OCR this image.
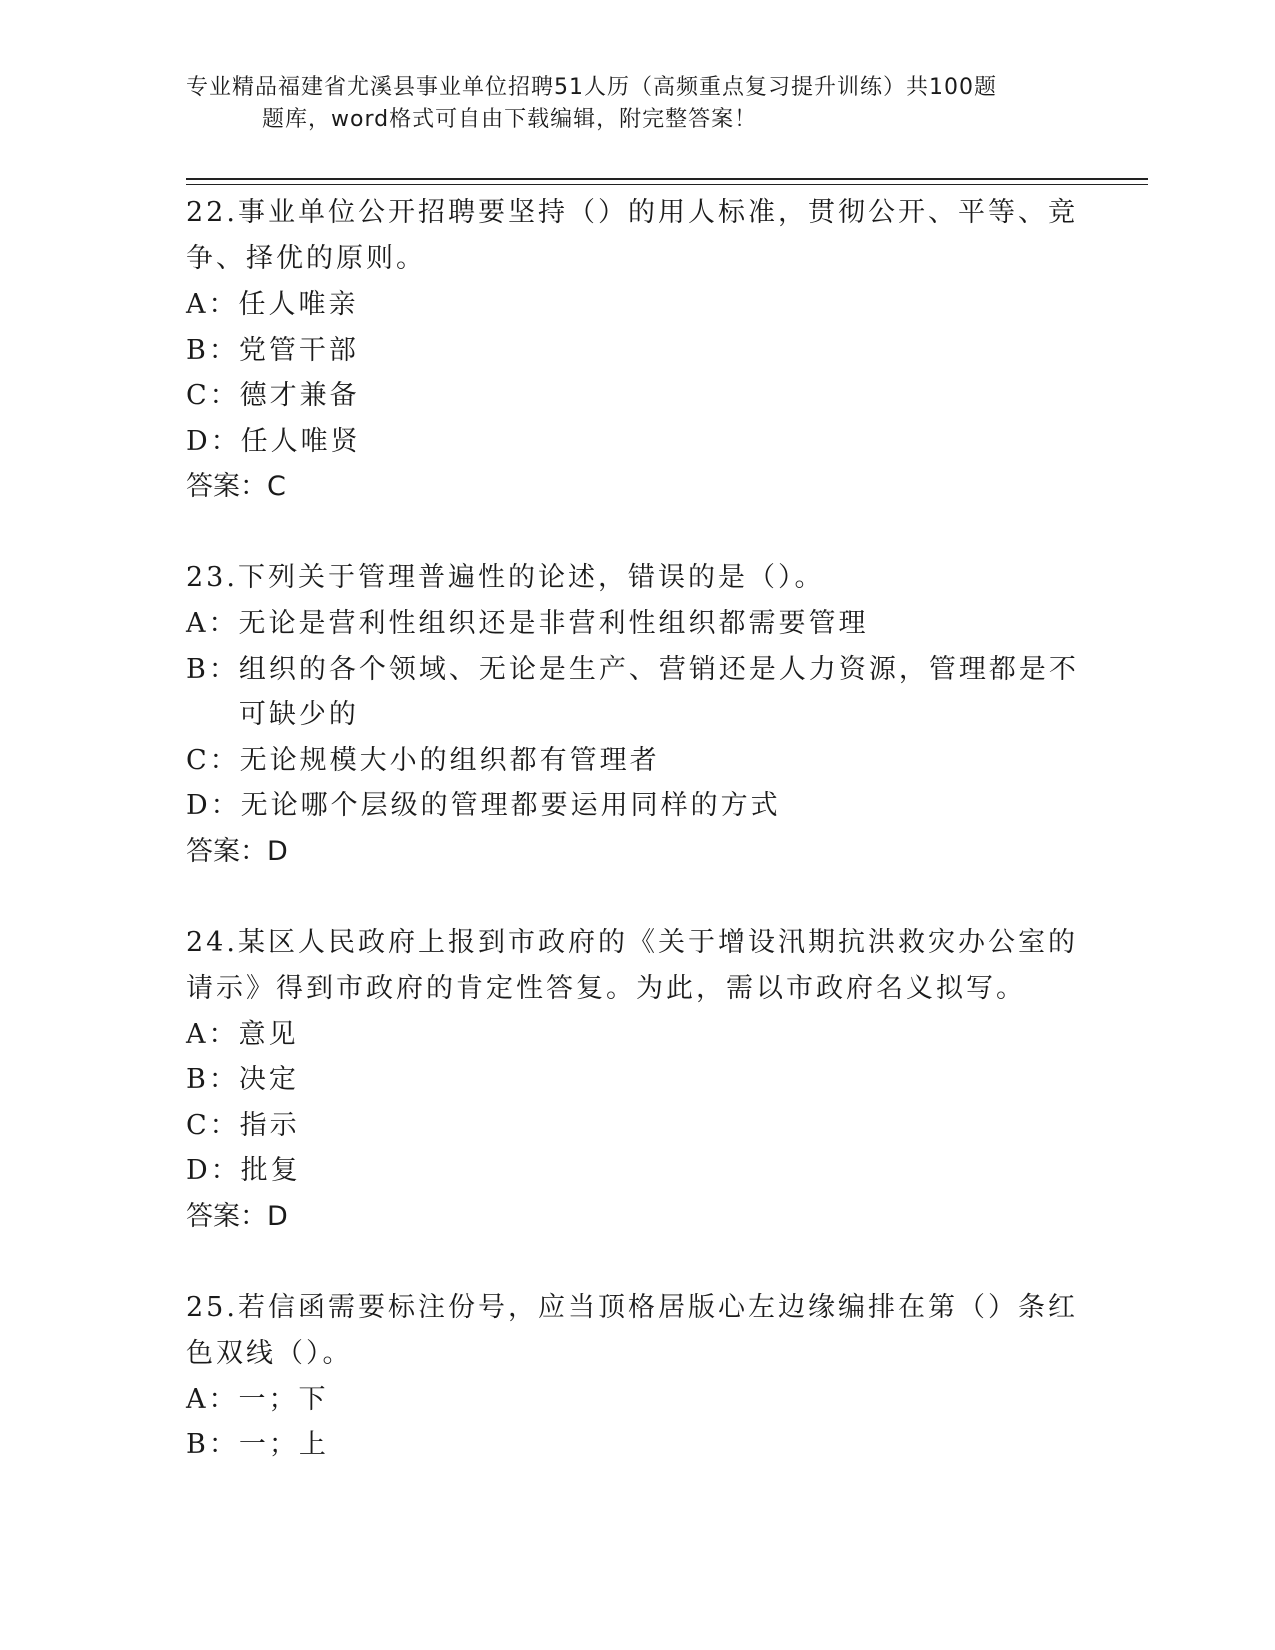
专业精品福建省尤溪县事业单位招聘51人历（高频重点复习提升训练）共100题
题库，word格式可自由下载编辑，附完整答案！

22.事业单位公开招聘要坚持（）的用人标准，贯彻公开、平等、竞争、择优的原则。

A： 任人唯亲

B： 党管干部

C： 德才兼备

D： 任人唯贤

答案：C

23.下列关于管理普遍性的论述，错误的是（）。

A： 无论是营利性组织还是非营利性组织都需要管理

B： 组织的各个领域、无论是生产、营销还是人力资源，管理都是不可缺少的

C： 无论规模大小的组织都有管理者

D： 无论哪个层级的管理都要运用同样的方式

答案：D

24.某区人民政府上报到市政府的《关于增设汛期抗洪救灾办公室的请示》得到市政府的肯定性答复。为此，需以市政府名义拟写。

A： 意见

B： 决定

C： 指示

D： 批复

答案：D

25.若信函需要标注份号，应当顶格居版心左边缘编排在第（）条红色双线（）。

A： 一；下

B： 一；上
